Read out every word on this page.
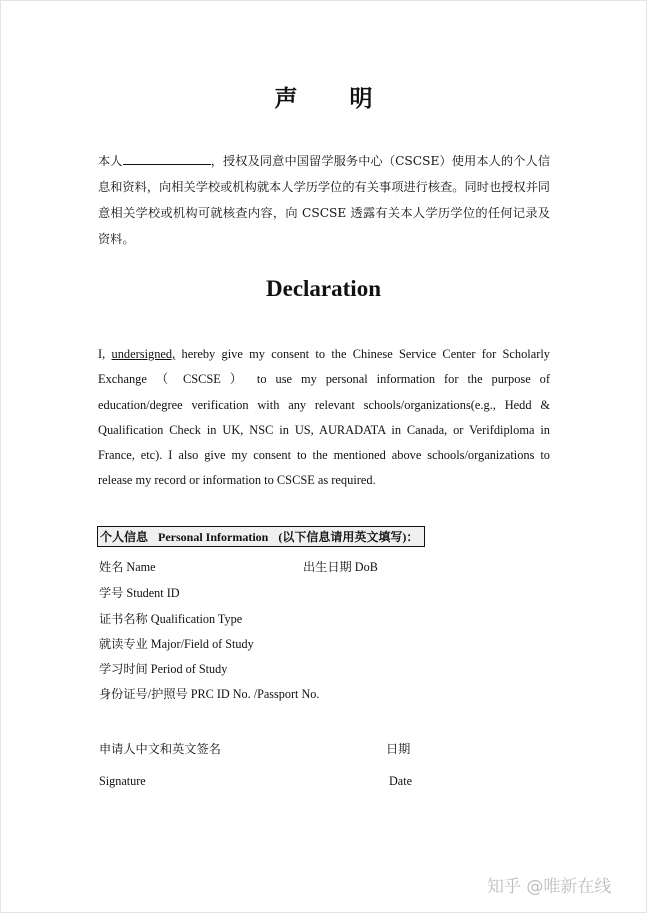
声 明

本人	，授权及同意中国留学服务中心（CSCSE）使用本人的个人信息和资料，向相关学校或机构就本人学历学位的有关事项进行核查。同时也授权并同意相关学校或机构可就核查内容，向 CSCSE 透露有关本人学历学位的任何记录及资料。

Declaration

I, undersigned, hereby give my consent to the Chinese Service Center for Scholarly Exchange （ CSCSE ） to use my personal information for the purpose of education/degree verification with any relevant schools/organizations(e.g., Hedd & Qualification Check in UK, NSC in US, AURADATA in Canada, or Verifdiploma in France, etc). I also give my consent to the mentioned above schools/organizations to release my record or information to CSCSE as required.

个人信息 Personal Information (以下信息请用英文填写)：
姓名 Name	出生日期 DoB
学号 Student ID
证书名称 Qualification Type
就读专业 Major/Field of Study
学习时间 Period of Study
身份证号/护照号 PRC ID No. /Passport No.
申请人中文和英文签名	日期
Signature	Date
知乎 @唯新在线
